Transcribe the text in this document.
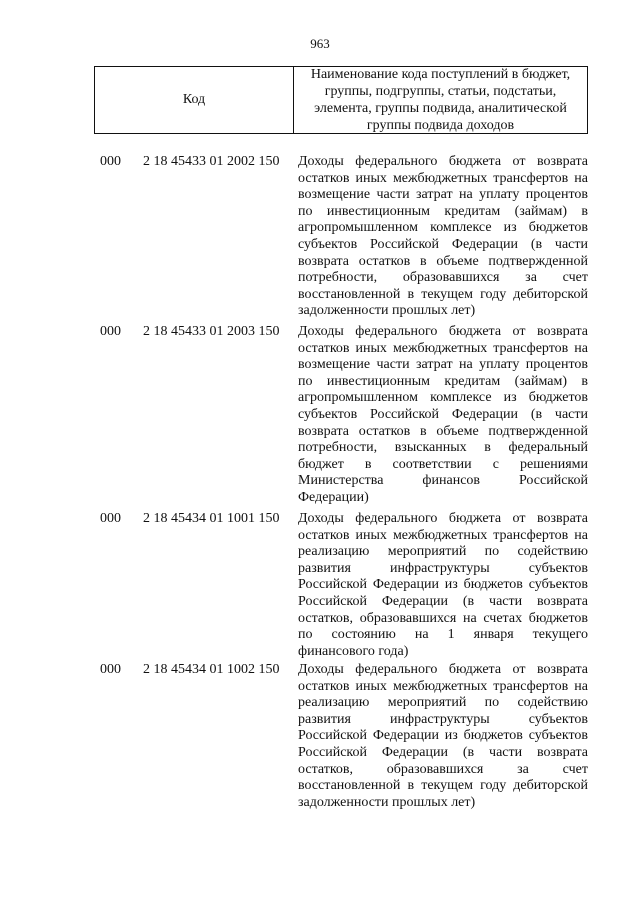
963
Код
Наименование кода поступлений в бюджет, группы, подгруппы, статьи, подстатьи, элемента, группы подвида, аналитической группы подвида доходов
000	2 18 45433 01 2002 150 Доходы федерального бюджета от возврата остатков иных межбюджетных трансфертов на возмещение части затрат на уплату процентов по инвестиционным кредитам (займам) в агропромышленном комплексе из бюджетов субъектов Российской Федерации (в части возврата остатков в объеме подтвержденной потребности, образовавшихся за счет восстановленной в текущем году дебиторской задолженности прошлых лет)
000	2 18 45433 01 2003 150 Доходы федерального бюджета от возврата остатков иных межбюджетных трансфертов на возмещение части затрат на уплату процентов по инвестиционным кредитам (займам) в агропромышленном комплексе из бюджетов субъектов Российской Федерации (в части возврата остатков в объеме подтвержденной потребности, взысканных в федеральный бюджет в соответствии с решениями Министерства финансов Российской Федерации)
000	2 18 45434 01 1001 150 Доходы федерального бюджета от возврата остатков иных межбюджетных трансфертов на реализацию мероприятий по содействию развития инфраструктуры субъектов Российской Федерации из бюджетов субъектов Российской Федерации (в части возврата остатков, образовавшихся на счетах бюджетов по состоянию на 1 января текущего финансового года)
000	2 18 45434 01 1002 150 Доходы федерального бюджета от возврата остатков иных межбюджетных трансфертов на реализацию мероприятий по содействию развития инфраструктуры субъектов Российской Федерации из бюджетов субъектов Российской Федерации (в части возврата остатков, образовавшихся за счет восстановленной в текущем году дебиторской задолженности прошлых лет)
